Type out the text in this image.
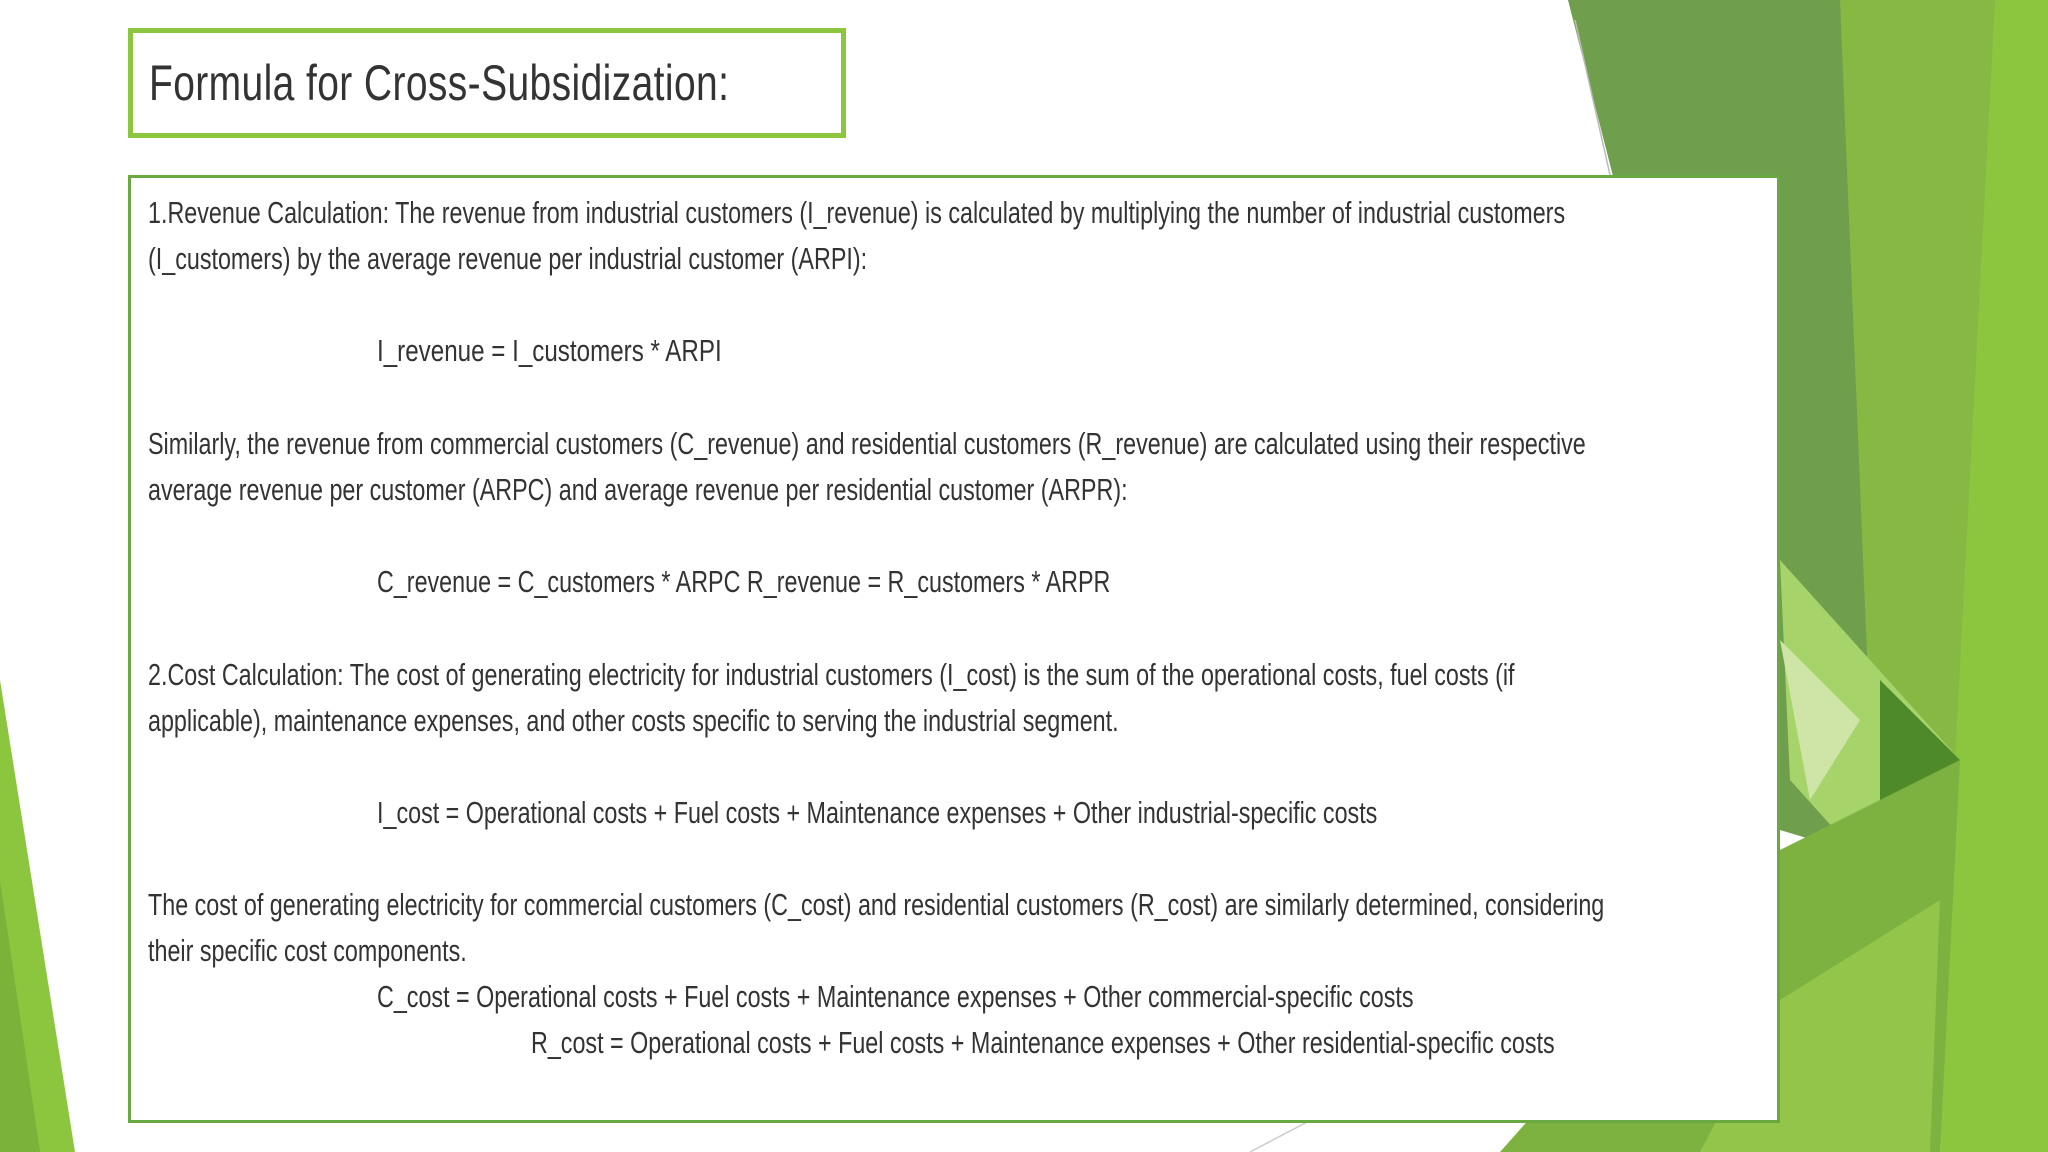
Formula for Cross-Subsidization:
1.Revenue Calculation: The revenue from industrial customers (I_revenue) is calculated by multiplying the number of industrial customers
(I_customers) by the average revenue per industrial customer (ARPI):
I_revenue = I_customers * ARPI
Similarly, the revenue from commercial customers (C_revenue) and residential customers (R_revenue) are calculated using their respective
average revenue per customer (ARPC) and average revenue per residential customer (ARPR):
C_revenue = C_customers * ARPC R_revenue = R_customers * ARPR
2.Cost Calculation: The cost of generating electricity for industrial customers (I_cost) is the sum of the operational costs, fuel costs (if
applicable), maintenance expenses, and other costs specific to serving the industrial segment.
I_cost = Operational costs + Fuel costs + Maintenance expenses + Other industrial-specific costs
The cost of generating electricity for commercial customers (C_cost) and residential customers (R_cost) are similarly determined, considering
their specific cost components.
C_cost = Operational costs + Fuel costs + Maintenance expenses + Other commercial-specific costs
R_cost = Operational costs + Fuel costs + Maintenance expenses + Other residential-specific costs
